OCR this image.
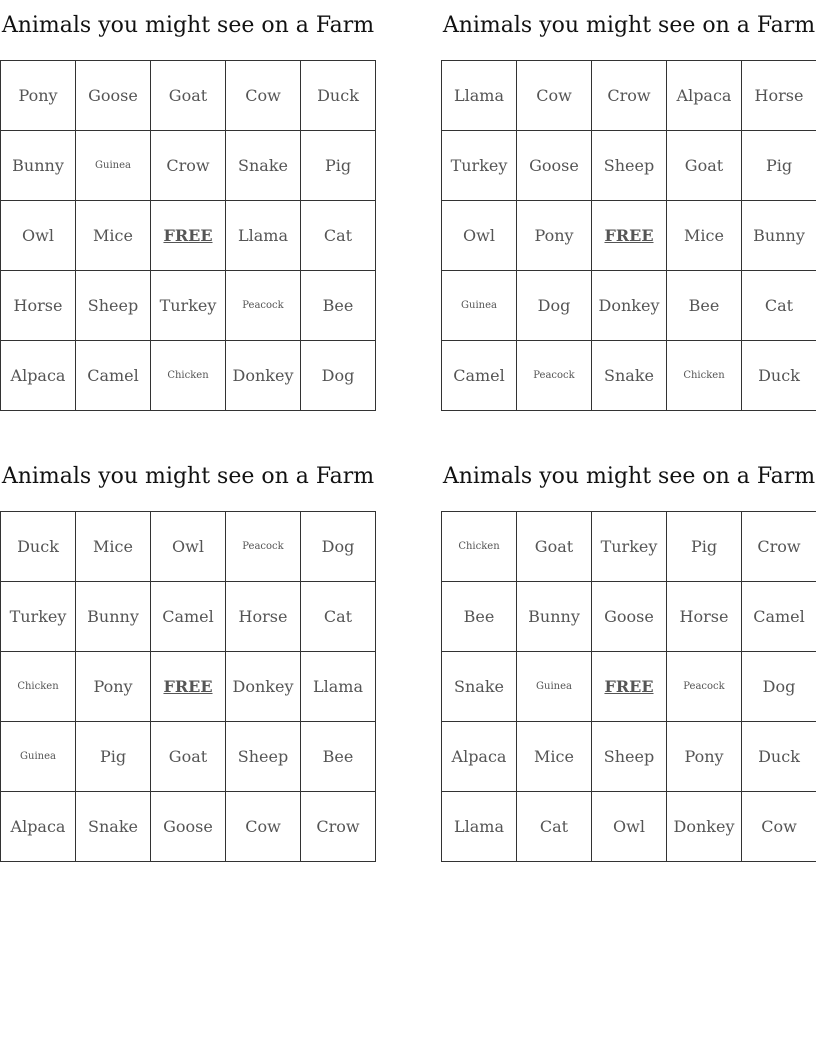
Animals you might see on a Farm
Pony	Goose	Goat	Cow	Duck
Bunny	Guinea	Crow	Snake	Pig
Owl	Mice	FREE	Llama	Cat
Horse	Sheep	Turkey	Peacock	Bee
Alpaca	Camel	Chicken	Donkey	Dog
Animals you might see on a Farm
Llama	Cow	Crow	Alpaca	Horse
Turkey	Goose	Sheep	Goat	Pig
Owl	Pony	FREE	Mice	Bunny
Guinea	Dog	Donkey	Bee	Cat
Camel	Peacock	Snake	Chicken	Duck
Animals you might see on a Farm
Duck	Mice	Owl	Peacock	Dog
Turkey	Bunny	Camel	Horse	Cat
Chicken	Pony	FREE	Donkey	Llama
Guinea	Pig	Goat	Sheep	Bee
Alpaca	Snake	Goose	Cow	Crow
Animals you might see on a Farm
Chicken	Goat	Turkey	Pig	Crow
Bee	Bunny	Goose	Horse	Camel
Snake	Guinea	FREE	Peacock	Dog
Alpaca	Mice	Sheep	Pony	Duck
Llama	Cat	Owl	Donkey	Cow
